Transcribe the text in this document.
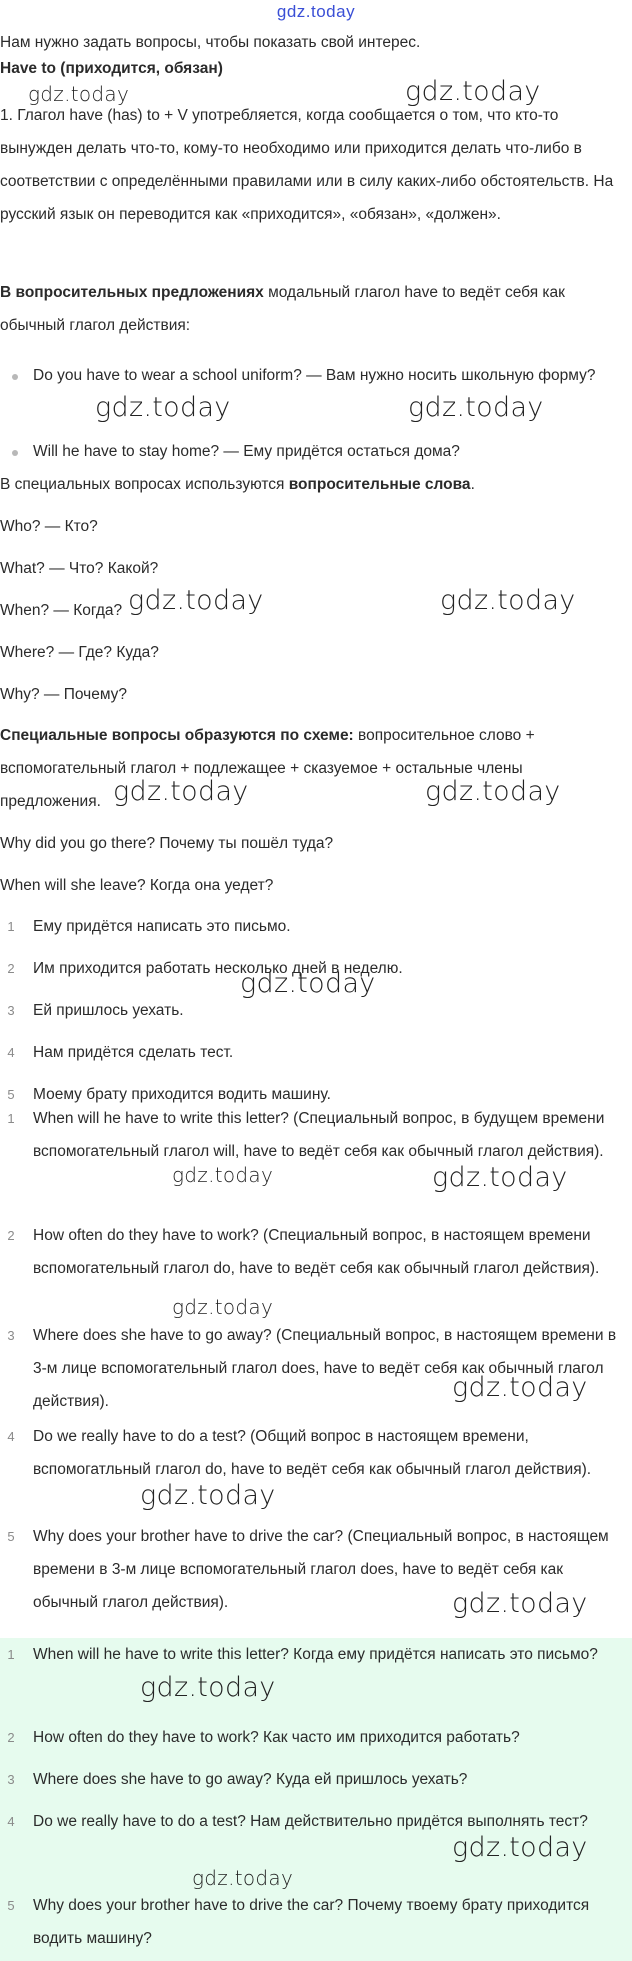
gdz.today

Нам нужно задать вопросы, чтобы показать свой интерес.

Have to (приходится, обязан)

1. Глагол have (has) to + V употребляется, когда сообщается о том, что кто-то вынужден делать что-то, кому-то необходимо или приходится делать что-либо в соответствии с определёнными правилами или в силу каких-либо обстоятельств. На русский язык он переводится как «приходится», «обязан», «должен».

В вопросительных предложениях модальный глагол have to ведёт себя как обычный глагол действия:

Do you have to wear a school uniform? — Вам нужно носить школьную форму?
Will he have to stay home? — Ему придётся остаться дома?

В специальных вопросах используются вопросительные слова.

Who? — Кто?

What? — Что? Какой?

When? — Когда?

Where? — Где? Куда?

Why? — Почему?

Специальные вопросы образуются по схеме: вопросительное слово + вспомогательный глагол + подлежащее + сказуемое + остальные члены предложения.

Why did you go there? Почему ты пошёл туда?

When will she leave? Когда она уедет?

1	Ему придётся написать это письмо.
2	Им приходится работать несколько дней в неделю.
3	Ей пришлось уехать.
4	Нам придётся сделать тест.
5	Моему брату приходится водить машину.
1	When will he have to write this letter? (Специальный вопрос, в будущем времени вспомогательный глагол will, have to ведёт себя как обычный глагол действия).
2	How often do they have to work? (Специальный вопрос, в настоящем времени вспомогательный глагол do, have to ведёт себя как обычный глагол действия).
3	Where does she have to go away? (Специальный вопрос, в настоящем времени в 3-м лице вспомогательный глагол does, have to ведёт себя как обычный глагол действия).
4	Do we really have to do a test? (Общий вопрос в настоящем времени, вспомогатльный глагол do, have to ведёт себя как обычный глагол действия).
5	Why does your brother have to drive the car? (Специальный вопрос, в настоящем времени в 3-м лице вспомогательный глагол does, have to ведёт себя как обычный глагол действия).
1	When will he have to write this letter? Когда ему придётся написать это письмо?
2	How often do they have to work? Как часто им приходится работать?
3	Where does she have to go away? Куда ей пришлось уехать?
4	Do we really have to do a test? Нам действительно придётся выполнять тест?
5	Why does your brother have to drive the car? Почему твоему брату приходится водить машину?
gdz.today	gdz.today
gdz.today	gdz.today
gdz.today	gdz.today
gdz.today	gdz.today
gdz.today
gdz.today	gdz.today
gdz.today
gdz.today
gdz.today
gdz.today
gdz.today
gdz.today
gdz.today
